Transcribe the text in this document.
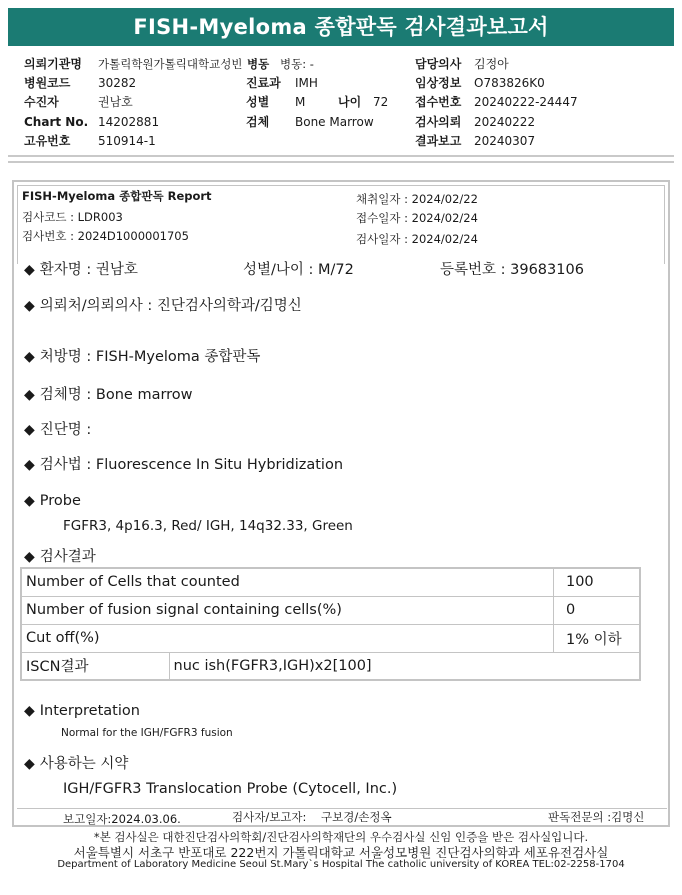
FISH-Myeloma 종합판독 검사결과보고서
의뢰기관명 가톨릭학원가톨릭대학교성빈 병동 병동: -	담당의사 김정아
병원코드 30282	진료과 IMH	임상정보 O783826K0
수진자	권남호	성별 M	나이 72 접수번호 20240222-24447
Chart No. 14202881	검체 Bone Marrow	검사의뢰 20240222
고유번호 510914-1	결과보고 20240307
FISH-Myeloma 종합판독 Report
검사코드 : LDR003
검사번호 : 2024D1000001705
채취일자 : 2024/02/22
접수일자 : 2024/02/24
검사일자 : 2024/02/24
◆ 환자명 : 권남호	성별/나이 : M/72	등록번호 : 39683106
◆ 의뢰처/의뢰의사 : 진단검사의학과/김명신
◆ 처방명 : FISH-Myeloma 종합판독
◆ 검체명 : Bone marrow
◆ 진단명 :
◆ 검사법 : Fluorescence In Situ Hybridization
◆ Probe
FGFR3, 4p16.3, Red/ IGH, 14q32.33, Green
◆ 검사결과
Number of Cells that counted		100
Number of fusion signal containing cells(%)		0
Cut off(%)		1% 이하
ISCN결과	nuc ish(FGFR3,IGH)x2[100]	
◆ Interpretation
Normal for the IGH/FGFR3 fusion
◆ 사용하는 시약
IGH/FGFR3 Translocation Probe (Cytocell, Inc.)
보고일자:2024.03.06.	검사자/보고자:    구보경/손정옥	판독전문의 :김명신
*본 검사실은 대한진단검사의학회/진단검사의학재단의 우수검사실 신임 인증을 받은 검사실입니다.
서울특별시 서초구 반포대로 222번지 가톨릭대학교 서울성모병원 진단검사의학과 세포유전검사실
Department of Laboratory Medicine Seoul St.Mary`s Hospital The catholic university of KOREA TEL:02-2258-1704
